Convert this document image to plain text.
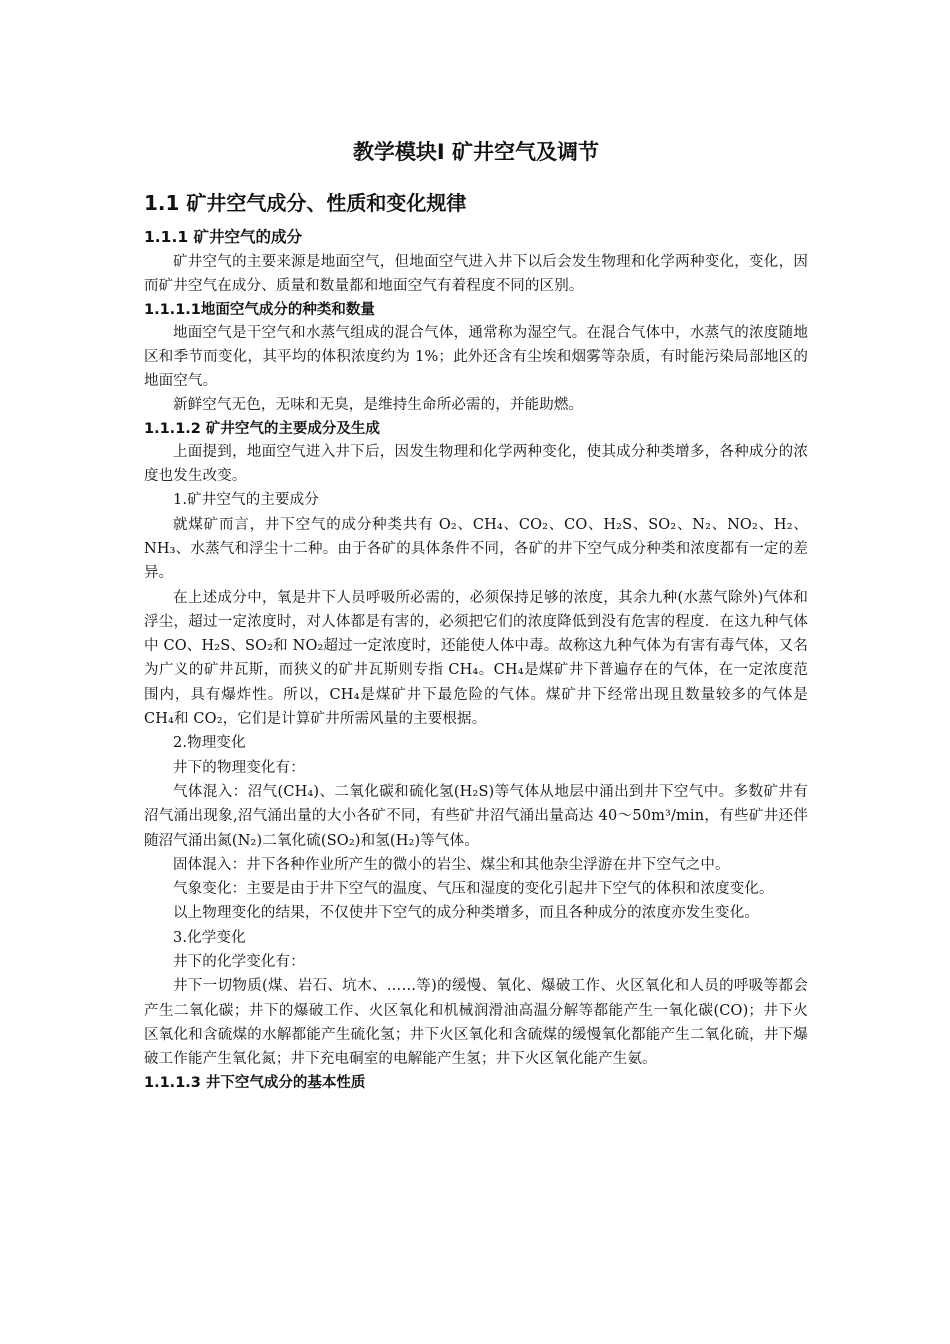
教学模块Ⅰ 矿井空气及调节
1.1 矿井空气成分、性质和变化规律
1.1.1 矿井空气的成分

矿井空气的主要来源是地面空气，但地面空气进入井下以后会发生物理和化学两种变化，变化，因而矿井空气在成分、质量和数量都和地面空气有着程度不同的区别。

1.1.1.1地面空气成分的种类和数量

地面空气是干空气和水蒸气组成的混合气体，通常称为湿空气。在混合气体中，水蒸气的浓度随地区和季节而变化，其平均的体积浓度约为 1%；此外还含有尘埃和烟雾等杂质，有时能污染局部地区的地面空气。

新鲜空气无色，无味和无臭，是维持生命所必需的，并能助燃。

1.1.1.2 矿井空气的主要成分及生成

上面提到，地面空气进入井下后，因发生物理和化学两种变化，使其成分种类增多，各种成分的浓度也发生改变。

1.矿井空气的主要成分

就煤矿而言，井下空气的成分种类共有 O₂、CH₄、CO₂、CO、H₂S、SO₂、N₂、NO₂、H₂、NH₃、水蒸气和浮尘十二种。由于各矿的具体条件不同，各矿的井下空气成分种类和浓度都有一定的差异。

在上述成分中，氧是井下人员呼吸所必需的，必须保持足够的浓度，其余九种(水蒸气除外)气体和浮尘，超过一定浓度时，对人体都是有害的，必须把它们的浓度降低到没有危害的程度．在这九种气体中 CO、H₂S、SO₂和 NO₂超过一定浓度时，还能使人体中毒。故称这九种气体为有害有毒气体，又名为广义的矿井瓦斯，而狭义的矿井瓦斯则专指 CH₄。CH₄是煤矿井下普遍存在的气体，在一定浓度范围内，具有爆炸性。所以，CH₄是煤矿井下最危险的气体。煤矿井下经常出现且数量较多的气体是 CH₄和 CO₂，它们是计算矿井所需风量的主要根据。

2.物理变化

井下的物理变化有：

气体混入：沼气(CH₄)、二氧化碳和硫化氢(H₂S)等气体从地层中涌出到井下空气中。多数矿井有沼气涌出现象,沼气涌出量的大小各矿不同，有些矿井沼气涌出量高达 40～50m³/min，有些矿井还伴随沼气涌出氮(N₂)二氧化硫(SO₂)和氢(H₂)等气体。

固体混入：井下各种作业所产生的微小的岩尘、煤尘和其他杂尘浮游在井下空气之中。

气象变化：主要是由于井下空气的温度、气压和湿度的变化引起井下空气的体积和浓度变化。

以上物理变化的结果，不仅使井下空气的成分种类增多，而且各种成分的浓度亦发生变化。

3.化学变化

井下的化学变化有：

井下一切物质(煤、岩石、坑木、……等)的缓慢、氧化、爆破工作、火区氧化和人员的呼吸等都会产生二氧化碳；井下的爆破工作、火区氧化和机械润滑油高温分解等都能产生一氧化碳(CO)；井下火区氧化和含硫煤的水解都能产生硫化氢；井下火区氧化和含硫煤的缓慢氧化都能产生二氧化硫，井下爆破工作能产生氧化氮；井下充电硐室的电解能产生氢；井下火区氧化能产生氨。

1.1.1.3 井下空气成分的基本性质
